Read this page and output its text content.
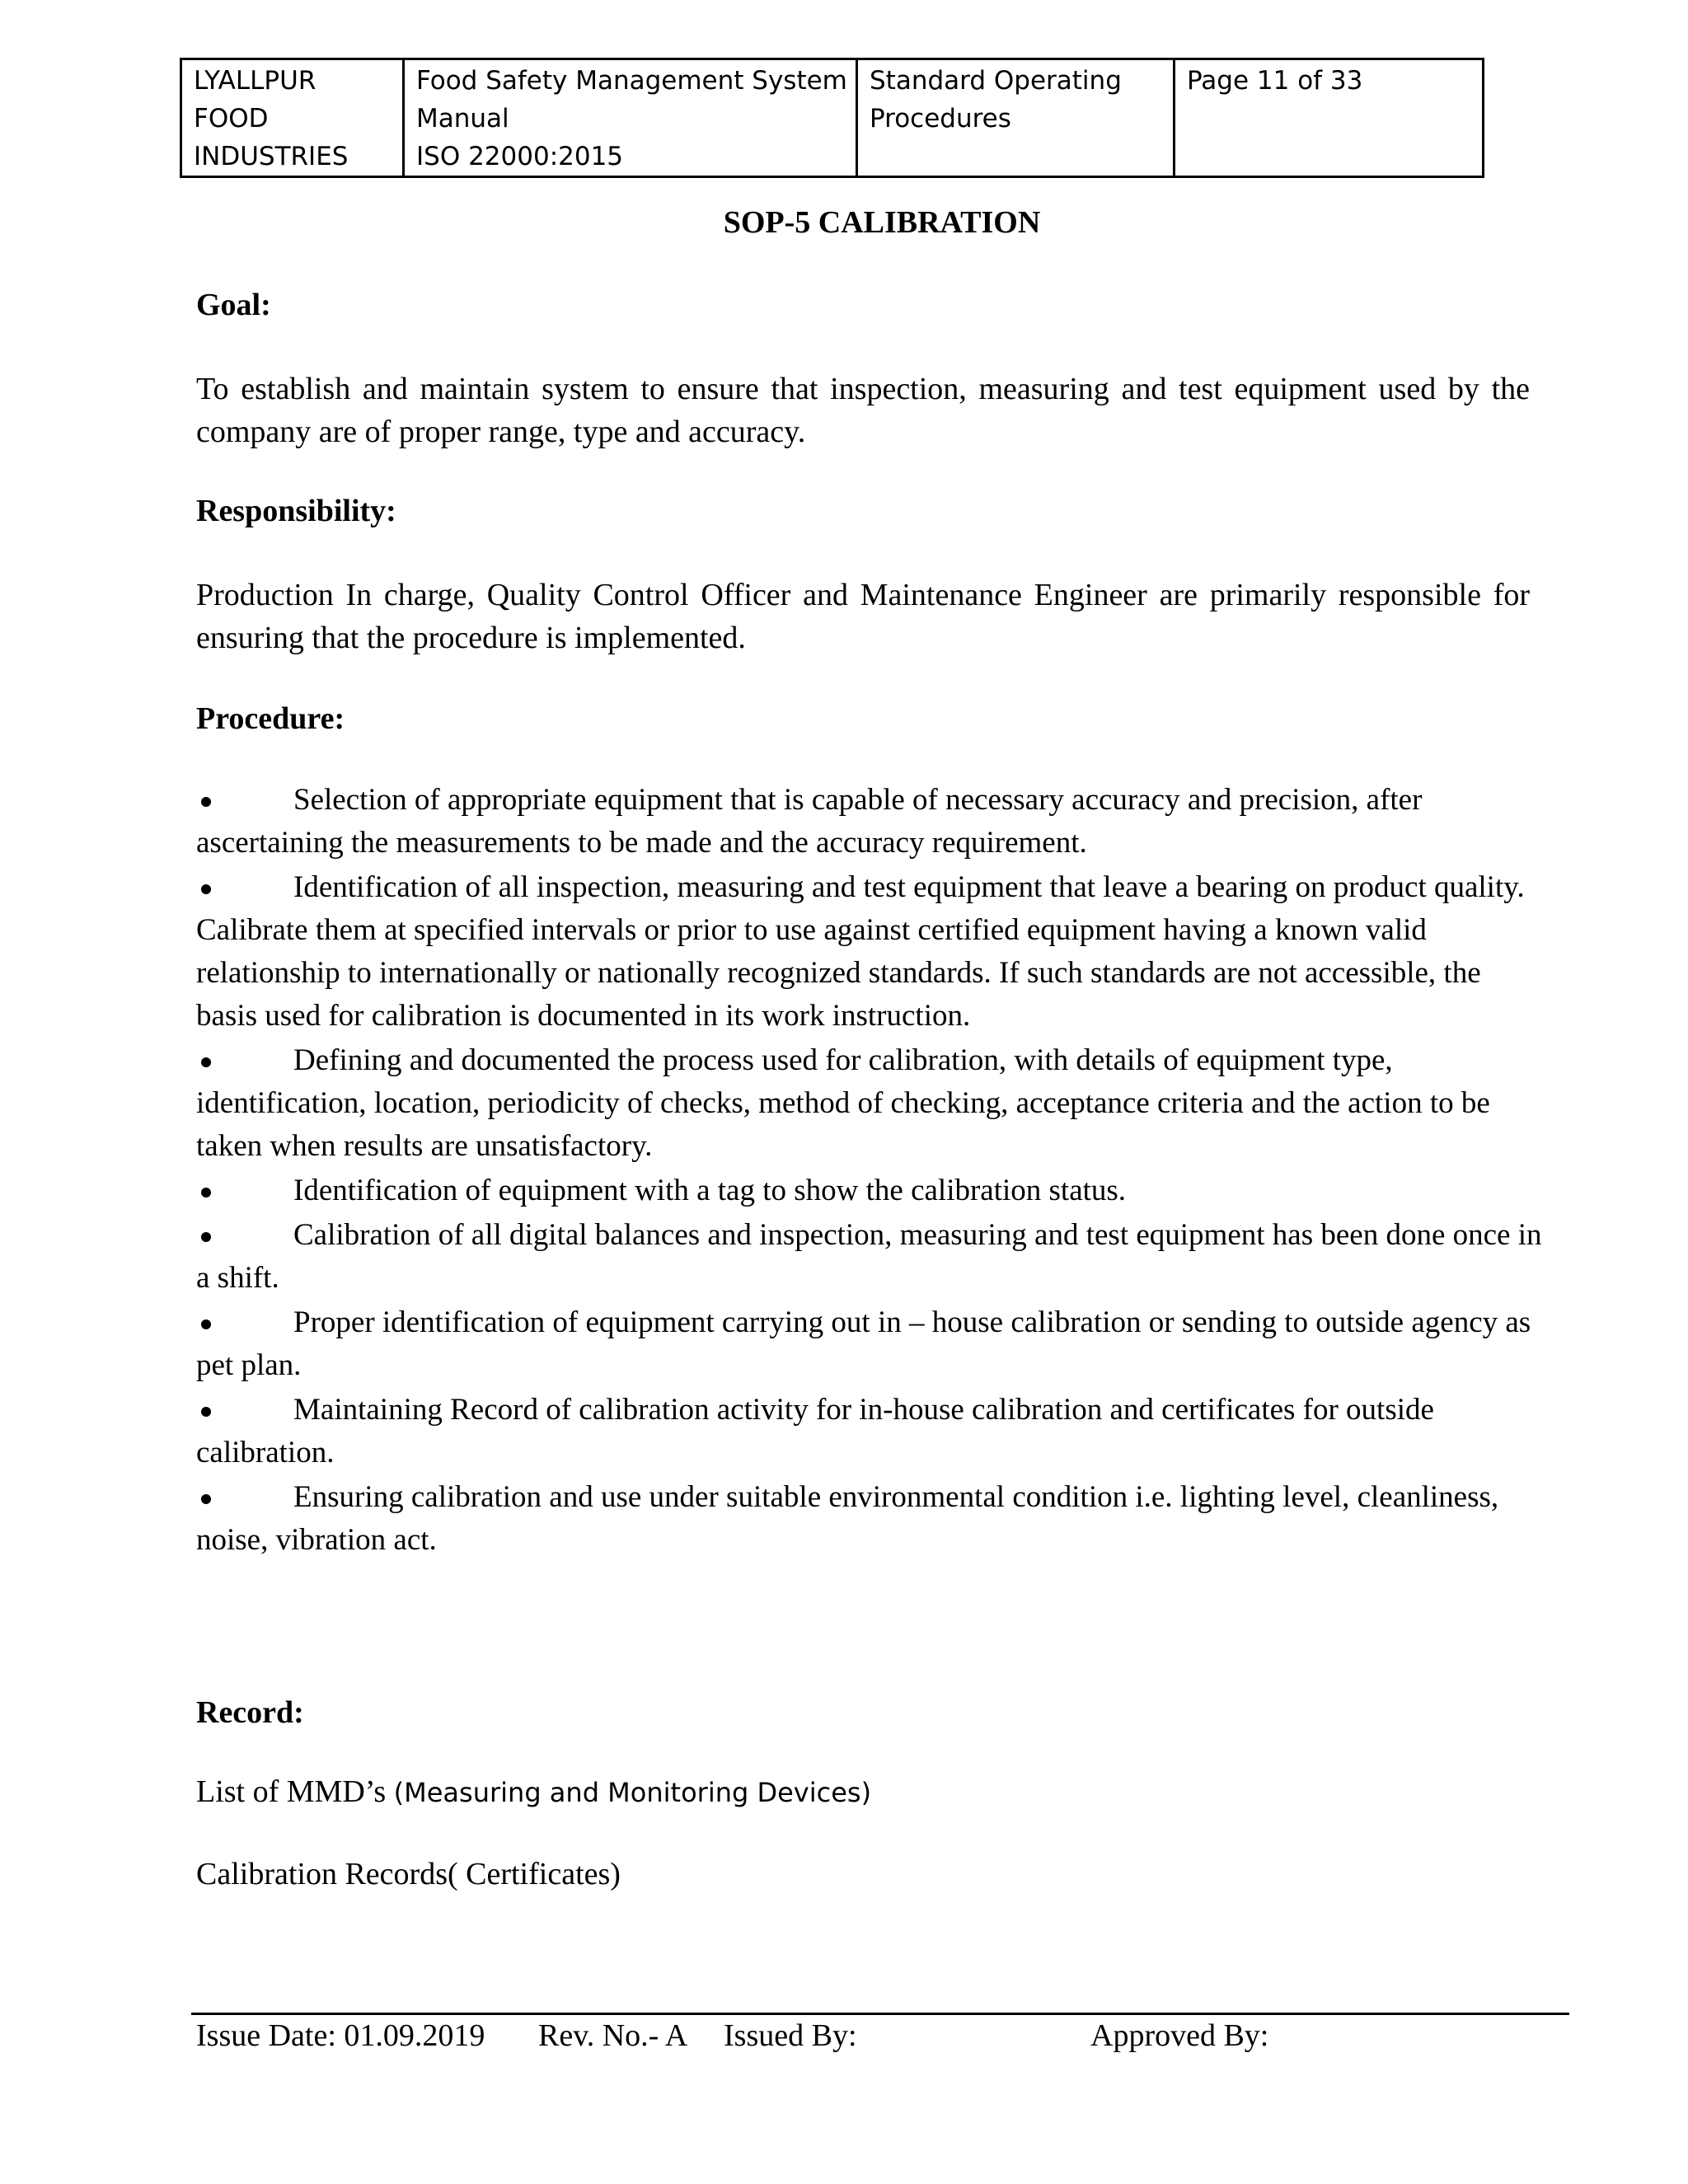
LYALLPUR
FOOD
INDUSTRIES

Food Safety Management System
Manual
ISO 22000:2015

Standard Operating
Procedures

Page 11 of 33
SOP-5 CALIBRATION
Goal:
To establish and maintain system to ensure that inspection, measuring and test equipment used by the company are of proper range, type and accuracy.
Responsibility:
Production In charge, Quality Control Officer and Maintenance Engineer are primarily responsible for ensuring that the procedure is implemented.
Procedure:
Selection of appropriate equipment that is capable of necessary accuracy and precision, after ascertaining the measurements to be made and the accuracy requirement.
Identification of all inspection, measuring and test equipment that leave a bearing on product quality. Calibrate them at specified intervals or prior to use against certified equipment having a known valid relationship to internationally or nationally recognized standards. If such standards are not accessible, the basis used for calibration is documented in its work instruction.
Defining and documented the process used for calibration, with details of equipment type, identification, location, periodicity of checks, method of checking, acceptance criteria and the action to be taken when results are unsatisfactory.
Identification of equipment with a tag to show the calibration status.
Calibration of all digital balances and inspection, measuring and test equipment has been done once in a shift.
Proper identification of equipment carrying out in – house calibration or sending to outside agency as pet plan.
Maintaining Record of calibration activity for in-house calibration and certificates for outside calibration.
Ensuring calibration and use under suitable environmental condition i.e. lighting level, cleanliness, noise, vibration act.
Record:
List of MMD’s (Measuring and Monitoring Devices)
Calibration Records( Certificates)
Issue Date: 01.09.2019 Rev. No.- A Issued By:	Approved By:
